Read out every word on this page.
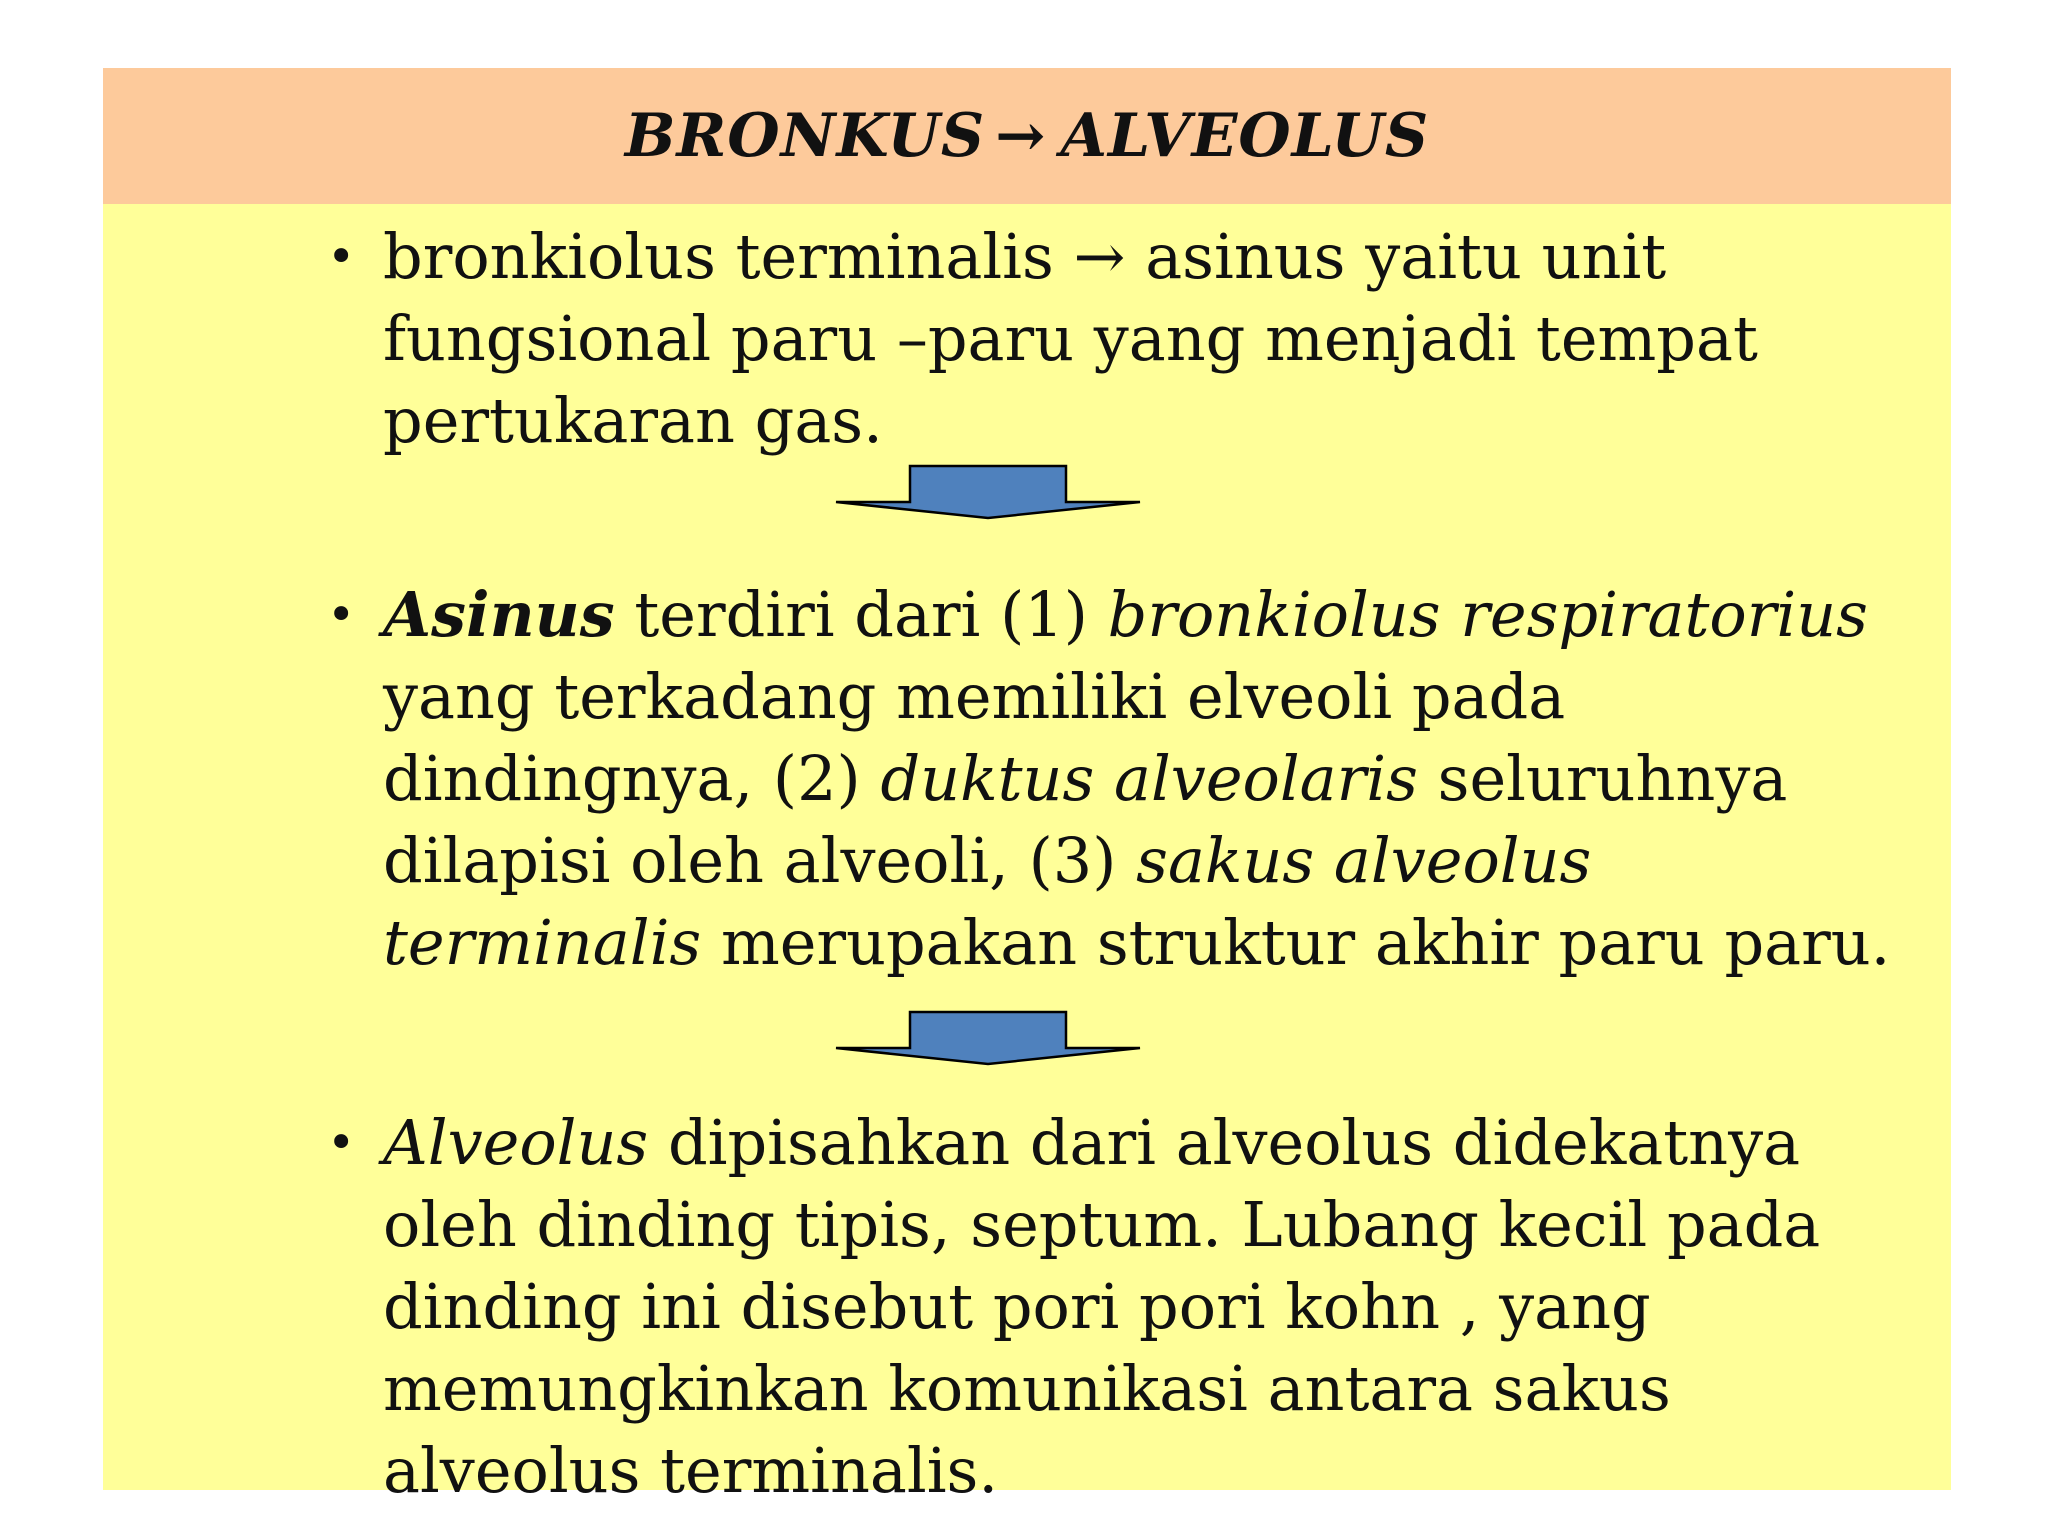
BRONKUS → ALVEOLUS
• bronkiolus terminalis → asinus yaitu unit fungsional paru –paru yang menjadi tempat pertukaran gas.
• Asinus terdiri dari (1) bronkiolus respiratorius yang terkadang memiliki elveoli pada dindingnya, (2) duktus alveolaris seluruhnya dilapisi oleh alveoli, (3) sakus alveolus terminalis merupakan struktur akhir paru paru.
• Alveolus dipisahkan dari alveolus didekatnya oleh dinding tipis, septum. Lubang kecil pada dinding ini disebut pori pori kohn , yang memungkinkan komunikasi antara sakus alveolus terminalis.
